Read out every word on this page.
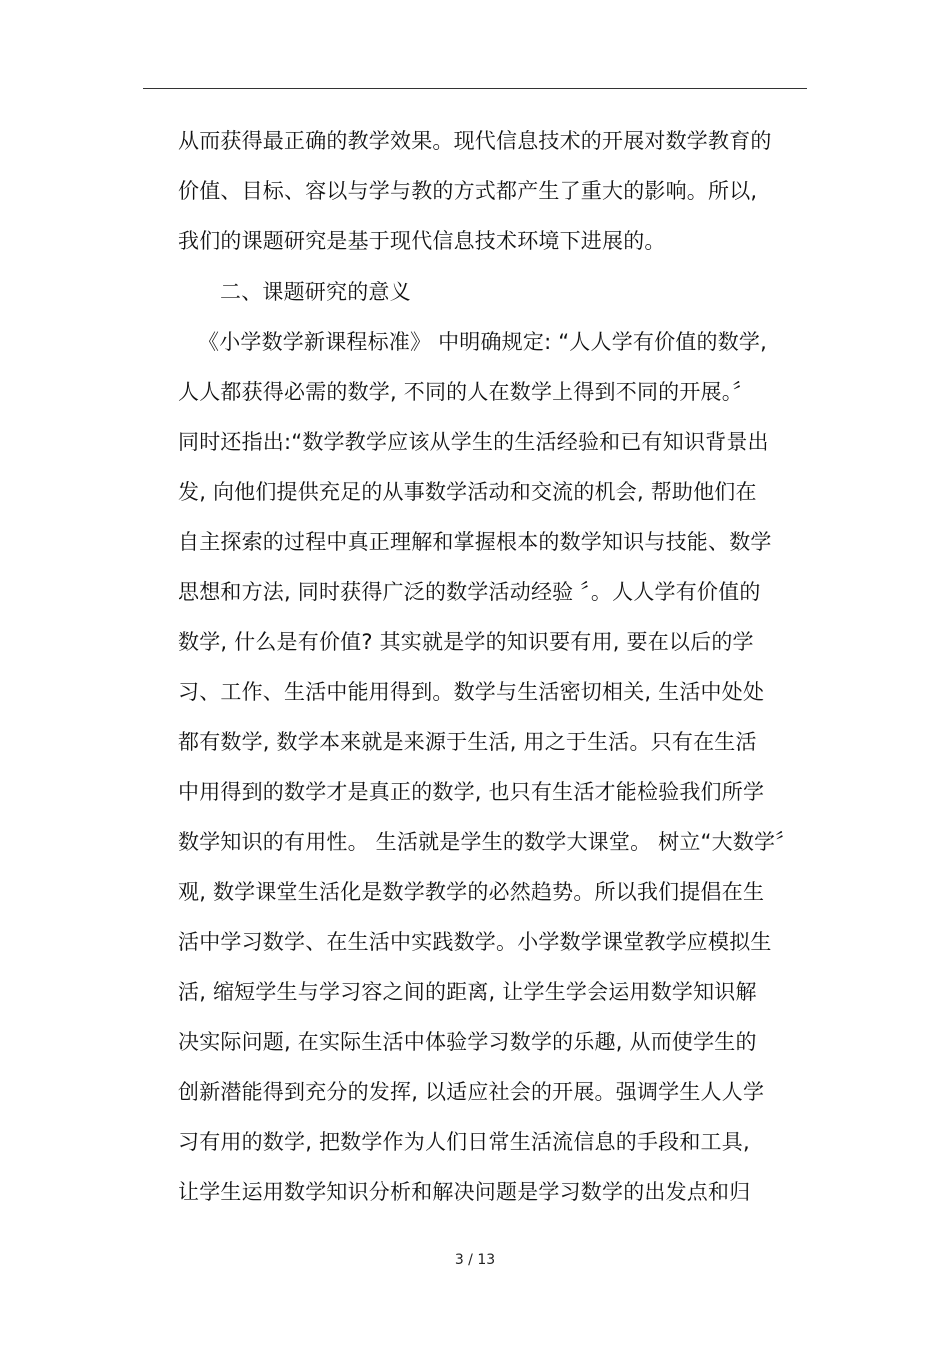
从而获得最正确的教学效果。现代信息技术的开展对数学教育的
价值、目标、容以与学与教的方式都产生了重大的影响。所以,
我们的课题研究是基于现代信息技术环境下进展的。
二、课题研究的意义
《小学数学新课程标准》 中明确规定: “人人学有价值的数学,
人人都获得必需的数学, 不同的人在数学上得到不同的开展。〞
同时还指出:“数学教学应该从学生的生活经验和已有知识背景出
发, 向他们提供充足的从事数学活动和交流的机会, 帮助他们在
自主探索的过程中真正理解和掌握根本的数学知识与技能、数学
思想和方法, 同时获得广泛的数学活动经验 〞。人人学有价值的
数学, 什么是有价值? 其实就是学的知识要有用, 要在以后的学
习、工作、生活中能用得到。数学与生活密切相关, 生活中处处
都有数学, 数学本来就是来源于生活, 用之于生活。只有在生活
中用得到的数学才是真正的数学, 也只有生活才能检验我们所学
数学知识的有用性。 生活就是学生的数学大课堂。 树立“大数学〞
观, 数学课堂生活化是数学教学的必然趋势。所以我们提倡在生
活中学习数学、在生活中实践数学。小学数学课堂教学应模拟生
活, 缩短学生与学习容之间的距离, 让学生学会运用数学知识解
决实际问题, 在实际生活中体验学习数学的乐趣, 从而使学生的
创新潜能得到充分的发挥, 以适应社会的开展。强调学生人人学
习有用的数学, 把数学作为人们日常生活流信息的手段和工具,
让学生运用数学知识分析和解决问题是学习数学的出发点和归
3 / 13
